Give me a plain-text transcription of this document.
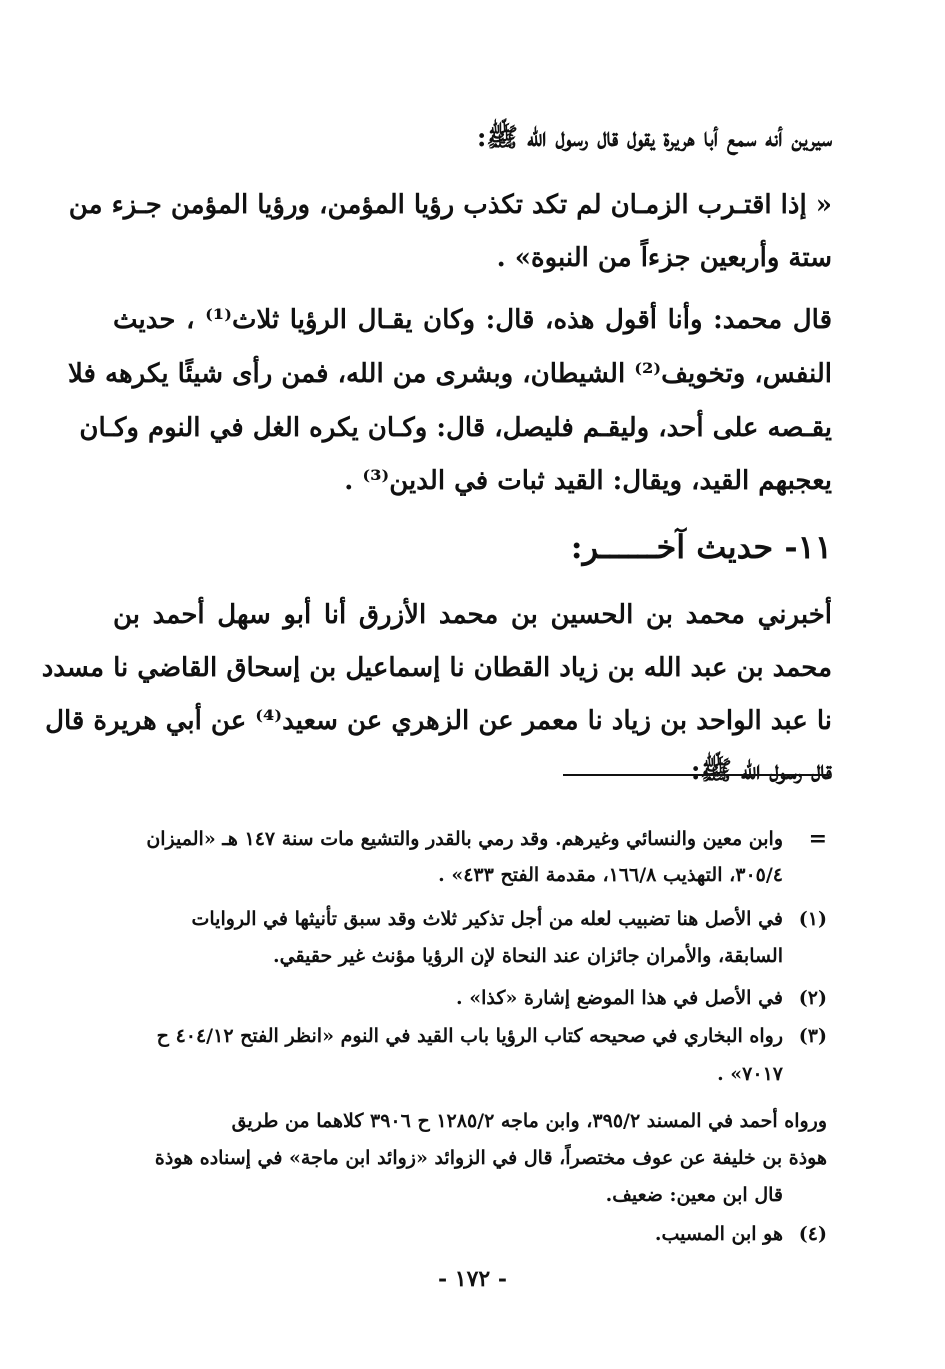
سيرين أنه سمع أبا هريرة يقول قال رسول الله ﷺ:
« إذا اقتـرب الزمـان لم تكد تكذب رؤيا المؤمن، ورؤيا المؤمن جـزء من
ستة وأربعين جزءاً من النبوة» .
قال محمد: وأنا أقول هذه، قال: وكان يقـال الرؤيا ثلاث⁽¹⁾ ، حديث
النفس، وتخويف⁽²⁾ الشيطان، وبشرى من الله، فمن رأى شيئًا يكرهه فلا
يقـصه على أحد، وليقـم فليصل، قال: وكـان يكره الغل في النوم وكـان
يعجبهم القيد، ويقال: القيد ثبات في الدين⁽³⁾ .
١١- حديث آخــــــر:
أخبرني محمد بن الحسين بن محمد الأزرق أنا أبو سهل أحمد بن
محمد بن عبد الله بن زياد القطان نا إسماعيل بن إسحاق القاضي نا مسدد
نا عبد الواحد بن زياد نا معمر عن الزهري عن سعيد⁽⁴⁾ عن أبي هريرة قال
قال رسول الله ﷺ:
=
وابن معين والنسائي وغيرهم. وقد رمي بالقدر والتشيع مات سنة ١٤٧ هـ «الميزان
٣٠٥/٤، التهذيب ١٦٦/٨، مقدمة الفتح ٤٣٣» .
(١)
في الأصل هنا تضبيب لعله من أجل تذكير ثلاث وقد سبق تأنيثها في الروايات
السابقة، والأمران جائزان عند النحاة لإن الرؤيا مؤنث غير حقيقي.
(٢)
في الأصل في هذا الموضع إشارة «كذا» .
(٣)
رواه البخاري في صحيحه كتاب الرؤيا باب القيد في النوم «انظر الفتح ٤٠٤/١٢ ح
٧٠١٧» .
ورواه أحمد في المسند ٣٩٥/٢، وابن ماجه ١٢٨٥/٢ ح ٣٩٠٦ كلاهما من طريق
هوذة بن خليفة عن عوف مختصراً، قال في الزوائد «زوائد ابن ماجة» في إسناده هوذة
قال ابن معين: ضعيف.
(٤)
هو ابن المسيب.
- ١٧٢ -
